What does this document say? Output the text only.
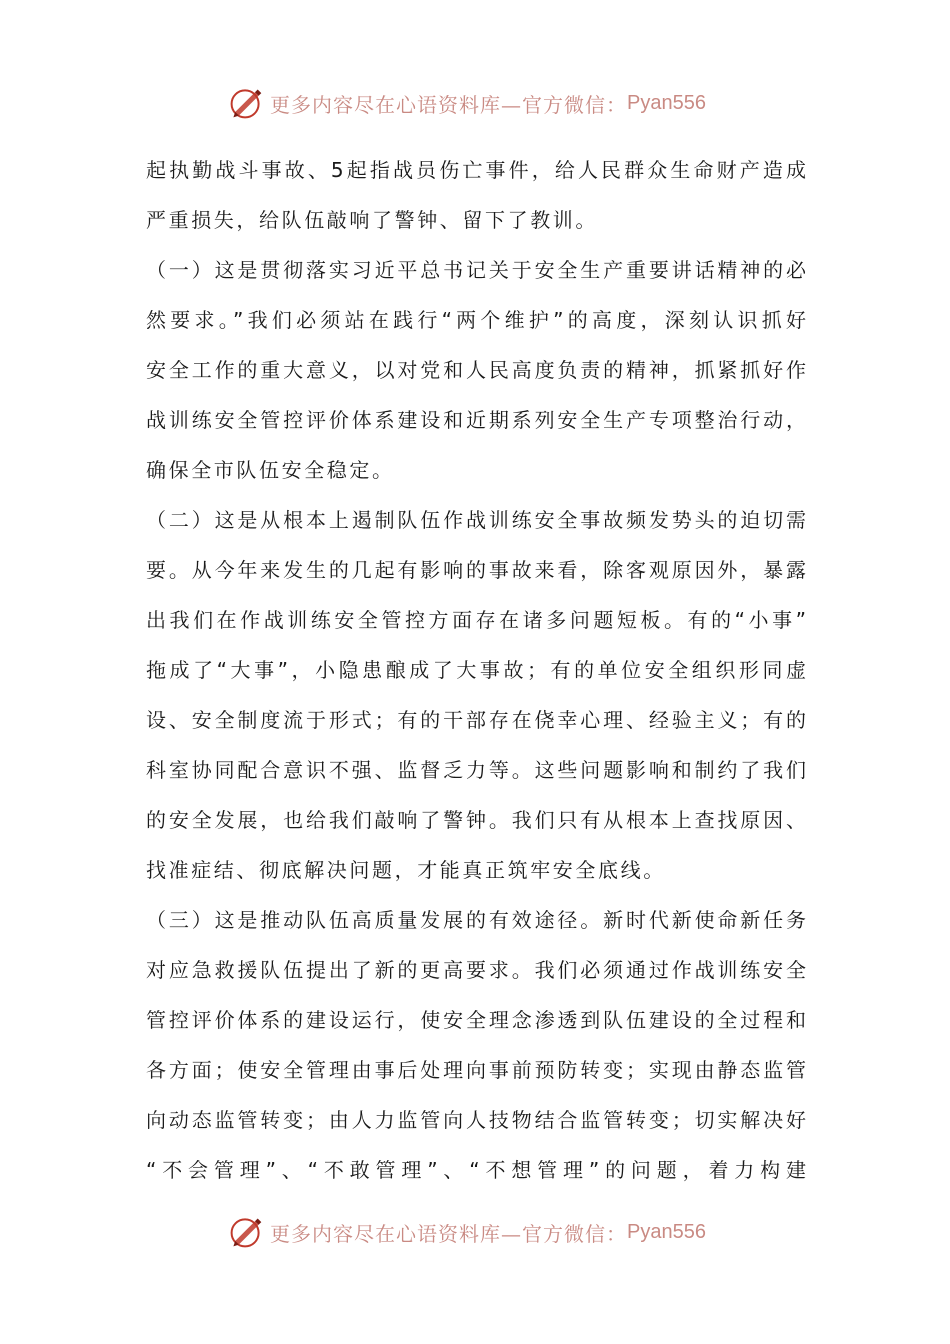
更多内容尽在心语资料库—官方微信： Pyan556
起执勤战斗事故、5起指战员伤亡事件，给人民群众生命财产造成
严重损失，给队伍敲响了警钟、留下了教训。
（一）这是贯彻落实习近平总书记关于安全生产重要讲话精神的必
然要求。”我们必须站在践行“两个维护”的高度，深刻认识抓好
安全工作的重大意义，以对党和人民高度负责的精神，抓紧抓好作
战训练安全管控评价体系建设和近期系列安全生产专项整治行动，
确保全市队伍安全稳定。
（二）这是从根本上遏制队伍作战训练安全事故频发势头的迫切需
要。从今年来发生的几起有影响的事故来看，除客观原因外，暴露
出我们在作战训练安全管控方面存在诸多问题短板。有的“小事”
拖成了“大事”，小隐患酿成了大事故；有的单位安全组织形同虚
设、安全制度流于形式；有的干部存在侥幸心理、经验主义；有的
科室协同配合意识不强、监督乏力等。这些问题影响和制约了我们
的安全发展，也给我们敲响了警钟。我们只有从根本上查找原因、
找准症结、彻底解决问题，才能真正筑牢安全底线。
（三）这是推动队伍高质量发展的有效途径。新时代新使命新任务
对应急救援队伍提出了新的更高要求。我们必须通过作战训练安全
管控评价体系的建设运行，使安全理念渗透到队伍建设的全过程和
各方面；使安全管理由事后处理向事前预防转变；实现由静态监管
向动态监管转变；由人力监管向人技物结合监管转变；切实解决好
“不会管理”、“不敢管理”、“不想管理”的问题，着力构建
更多内容尽在心语资料库—官方微信： Pyan556
